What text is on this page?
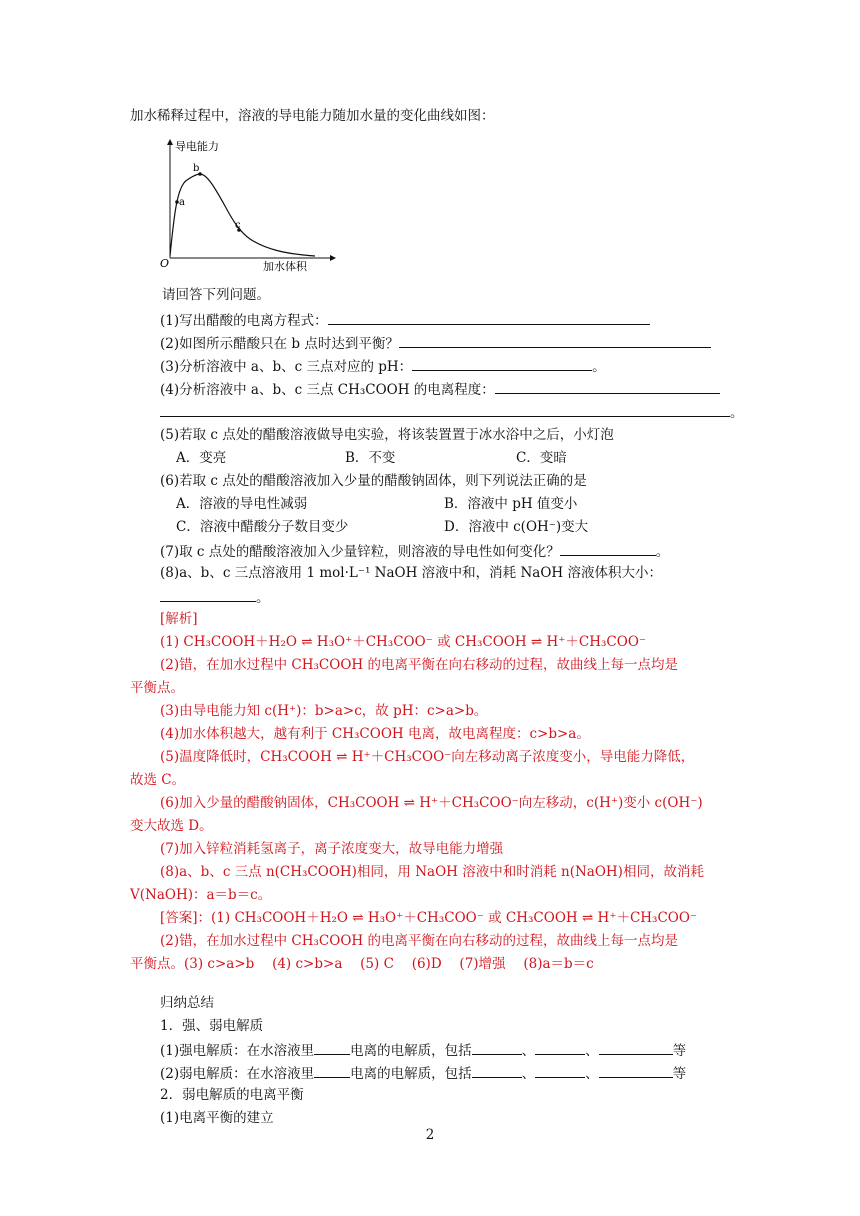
加水稀释过程中，溶液的导电能力随加水量的变化曲线如图：
导电能力
加水体积
O
a
b
c
请回答下列问题。
(1)写出醋酸的电离方程式：
(2)如图所示醋酸只在 b 点时达到平衡？
(3)分析溶液中 a、b、c 三点对应的 pH：	。
(4)分析溶液中 a、b、c 三点 CH₃COOH 的电离程度：
。
(5)若取 c 点处的醋酸溶液做导电实验，将该装置置于冰水浴中之后，小灯泡
A．变亮	B．不变	C．变暗
(6)若取 c 点处的醋酸溶液加入少量的醋酸钠固体，则下列说法正确的是
A．溶液的导电性减弱	B．溶液中 pH 值变小
C．溶液中醋酸分子数目变少	D．溶液中 c(OH⁻)变大
(7)取 c 点处的醋酸溶液加入少量锌粒，则溶液的导电性如何变化？	。
(8)a、b、c 三点溶液用 1 mol·L⁻¹ NaOH 溶液中和，消耗 NaOH 溶液体积大小：
。
[解析]
(1) CH₃COOH＋H₂O ⇌ H₃O⁺＋CH₃COO⁻ 或 CH₃COOH ⇌ H⁺＋CH₃COO⁻
(2)错，在加水过程中 CH₃COOH 的电离平衡在向右移动的过程，故曲线上每一点均是
平衡点。
(3)由导电能力知 c(H⁺)：b>a>c，故 pH：c>a>b。
(4)加水体积越大，越有利于 CH₃COOH 电离，故电离程度：c>b>a。
(5)温度降低时，CH₃COOH ⇌ H⁺＋CH₃COO⁻向左移动离子浓度变小，导电能力降低，
故选 C。
(6)加入少量的醋酸钠固体，CH₃COOH ⇌ H⁺＋CH₃COO⁻向左移动，c(H⁺)变小 c(OH⁻)
变大故选 D。
(7)加入锌粒消耗氢离子，离子浓度变大，故导电能力增强
(8)a、b、c 三点 n(CH₃COOH)相同，用 NaOH 溶液中和时消耗 n(NaOH)相同，故消耗
V(NaOH)：a＝b＝c。
[答案]：(1) CH₃COOH＋H₂O ⇌ H₃O⁺＋CH₃COO⁻ 或 CH₃COOH ⇌ H⁺＋CH₃COO⁻
(2)错，在加水过程中 CH₃COOH 的电离平衡在向右移动的过程，故曲线上每一点均是
平衡点。(3) c>a>b　 (4) c>b>a　 (5) C　 (6)D　 (7)增强　 (8)a＝b＝c
归纳总结
1．强、弱电解质
(1)强电解质：在水溶液里	电离的电解质，包括	、	、	等
(2)弱电解质：在水溶液里	电离的电解质，包括	、	、	等
2．弱电解质的电离平衡
(1)电离平衡的建立
2
